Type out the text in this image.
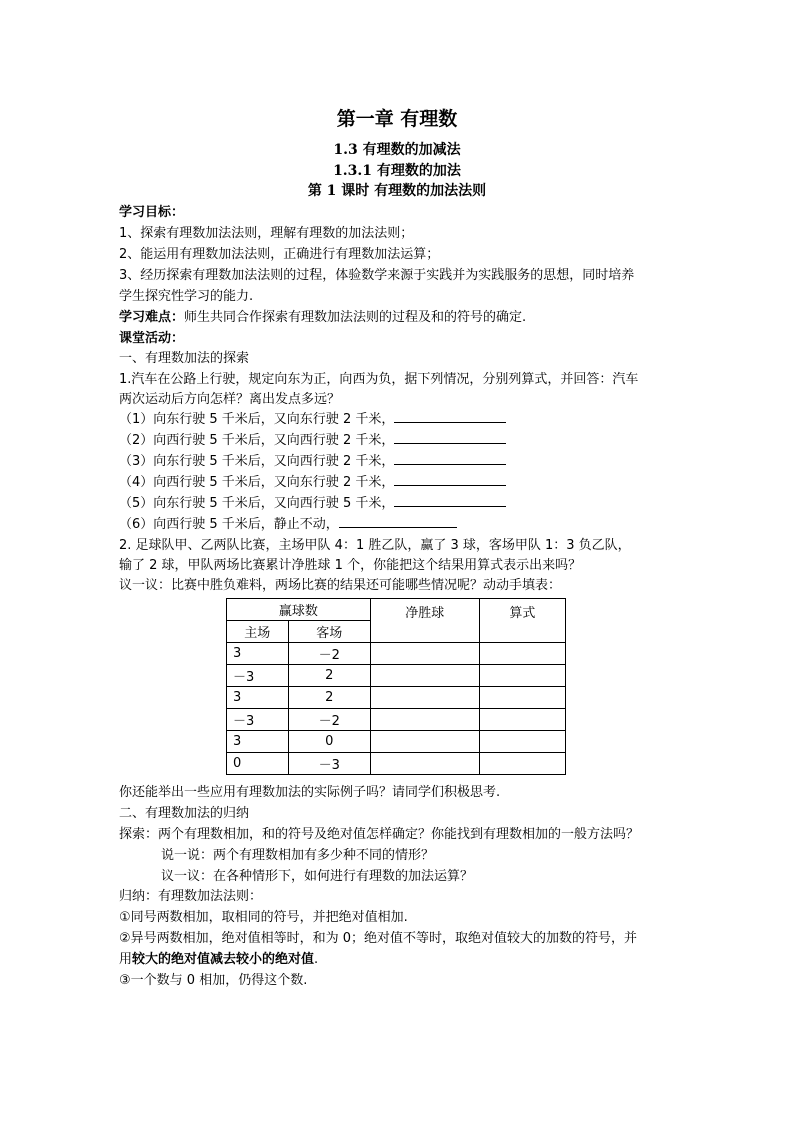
第一章 有理数
1.3 有理数的加减法
1.3.1 有理数的加法
第 1 课时 有理数的加法法则
学习目标：
1、探索有理数加法法则，理解有理数的加法法则；
2、能运用有理数加法法则，正确进行有理数加法运算；
3、经历探索有理数加法法则的过程，体验数学来源于实践并为实践服务的思想，同时培养
学生探究性学习的能力.
学习难点：师生共同合作探索有理数加法法则的过程及和的符号的确定.
课堂活动：
一、有理数加法的探索
1.汽车在公路上行驶，规定向东为正，向西为负，据下列情况，分别列算式，并回答：汽车
两次运动后方向怎样？离出发点多远？
（1）向东行驶 5 千米后，又向东行驶 2 千米，
（2）向西行驶 5 千米后，又向西行驶 2 千米，
（3）向东行驶 5 千米后，又向西行驶 2 千米，
（4）向西行驶 5 千米后，又向东行驶 2 千米，
（5）向东行驶 5 千米后，又向西行驶 5 千米，
（6）向西行驶 5 千米后，静止不动，
2. 足球队甲、乙两队比赛，主场甲队 4：1 胜乙队，赢了 3 球，客场甲队 1：3 负乙队，
输了 2 球，甲队两场比赛累计净胜球 1 个，你能把这个结果用算式表示出来吗？
议一议：比赛中胜负难料，两场比赛的结果还可能哪些情况呢？动动手填表：
赢球数		净胜球	算式
主场	客场		
3	－2		
－3	2		
3	2		
－3	－2		
3	0		
0	－3		
你还能举出一些应用有理数加法的实际例子吗？请同学们积极思考.
二、有理数加法的归纳
探索：两个有理数相加，和的符号及绝对值怎样确定？你能找到有理数相加的一般方法吗？
说一说：两个有理数相加有多少种不同的情形？
议一议：在各种情形下，如何进行有理数的加法运算？
归纳：有理数加法法则：
①同号两数相加，取相同的符号，并把绝对值相加.
②异号两数相加，绝对值相等时，和为 0；绝对值不等时，取绝对值较大的加数的符号，并
用较大的绝对值减去较小的绝对值.
③一个数与 0 相加，仍得这个数.
